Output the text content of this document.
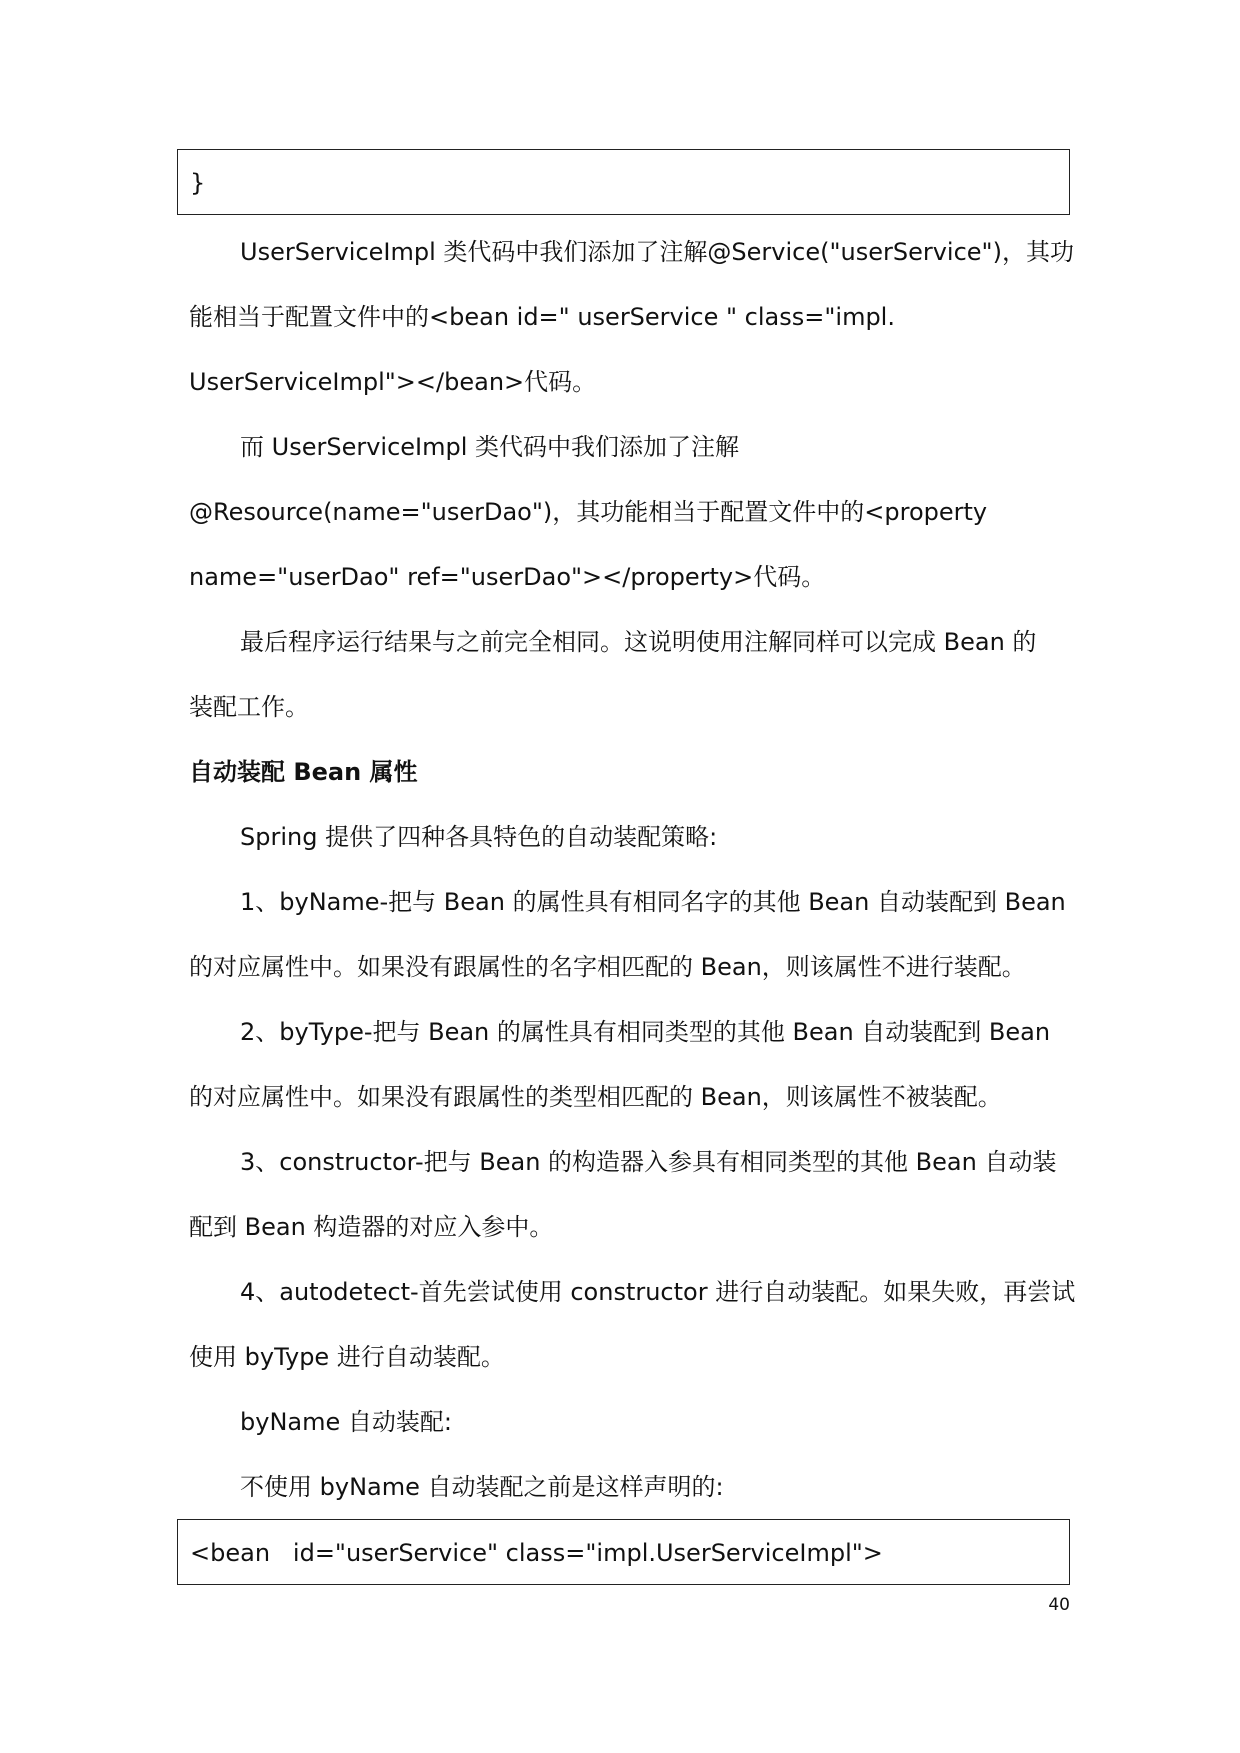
}
UserServiceImpl 类代码中我们添加了注解@Service("userService")，其功
能相当于配置文件中的<bean id=" userService " class="impl.
UserServiceImpl"></bean>代码。
而 UserServiceImpl 类代码中我们添加了注解
@Resource(name="userDao")，其功能相当于配置文件中的<property
name="userDao" ref="userDao"></property>代码。
最后程序运行结果与之前完全相同。这说明使用注解同样可以完成 Bean 的
装配工作。
自动装配 Bean 属性
Spring 提供了四种各具特色的自动装配策略:
1、byName-把与 Bean 的属性具有相同名字的其他 Bean 自动装配到 Bean
的对应属性中。如果没有跟属性的名字相匹配的 Bean，则该属性不进行装配。
2、byType-把与 Bean 的属性具有相同类型的其他 Bean 自动装配到 Bean
的对应属性中。如果没有跟属性的类型相匹配的 Bean，则该属性不被装配。
3、constructor-把与 Bean 的构造器入参具有相同类型的其他 Bean 自动装
配到 Bean 构造器的对应入参中。
4、autodetect-首先尝试使用 constructor 进行自动装配。如果失败，再尝试
使用 byType 进行自动装配。
byName 自动装配:
不使用 byName 自动装配之前是这样声明的:
<bean   id="userService" class="impl.UserServiceImpl">
40
